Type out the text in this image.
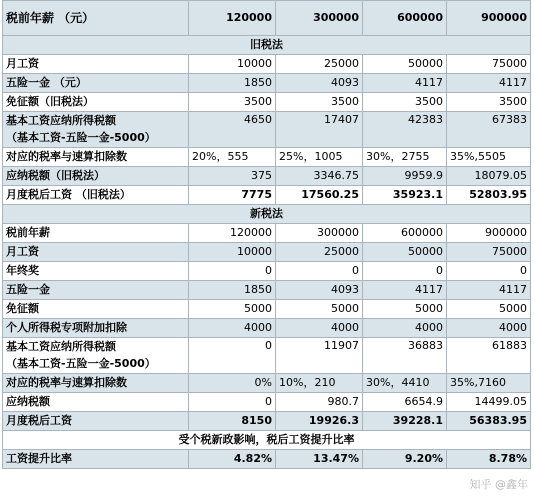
税前年薪 （元）	120000	300000	600000	900000
旧税法				
月工资	10000	25000	50000	75000
五险一金 （元）	1850	4093	4117	4117
免征额（旧税法）	3500	3500	3500	3500

基本工资应纳所得税额
（基本工资-五险一金-5000）	4650	17407	42383	67383
对应的税率与速算扣除数	20%，555	25%，1005	30%，2755	35%,5505
应纳税额（旧税法）	375	3346.75	9959.9	18079.05
月度税后工资 （旧税法）	7775	17560.25	35923.1	52803.95
新税法				
税前年薪	120000	300000	600000	900000
月工资	10000	25000	50000	75000
年终奖	0	0	0	0
五险一金	1850	4093	4117	4117
免征额	5000	5000	5000	5000
个人所得税专项附加扣除	4000	4000	4000	4000

基本工资应纳所得税额
（基本工资-五险一金-5000）	0	11907	36883	61883
对应的税率与速算扣除数	0%	10%，210	30%，4410	35%,7160
应纳税额	0	980.7	6654.9	14499.05
月度税后工资	8150	19926.3	39228.1	56383.95
受个税新政影响，税后工资提升比率				
工资提升比率	4.82%	13.47%	9.20%	8.78%
知乎 @鑫年
